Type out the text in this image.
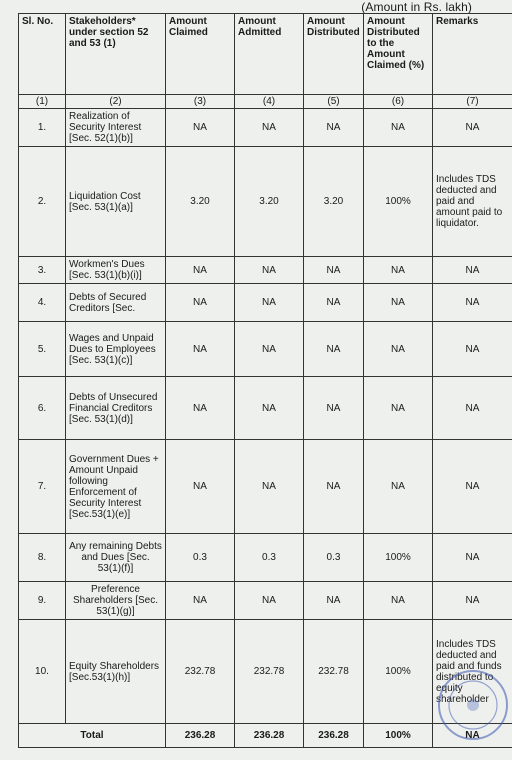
(Amount in Rs. lakh)
Sl. No.	Stakeholders* under section 52 and 53 (1)	Amount Claimed	Amount Admitted	Amount Distributed	Amount Distributed to the Amount Claimed (%)	Remarks
(1)	(2)	(3)	(4)	(5)	(6)	(7)
1.	Realization of Security Interest [Sec. 52(1)(b)]	NA	NA	NA	NA	NA
2.	Liquidation Cost [Sec. 53(1)(a)]	3.20	3.20	3.20	100%	Includes TDS deducted and paid and amount paid to liquidator.
3.	Workmen's Dues [Sec. 53(1)(b)(i)]	NA	NA	NA	NA	NA
4.	Debts of Secured Creditors [Sec.	NA	NA	NA	NA	NA
5.	Wages and Unpaid Dues to Employees [Sec. 53(1)(c)]	NA	NA	NA	NA	NA
6.	Debts of Unsecured Financial Creditors [Sec. 53(1)(d)]	NA	NA	NA	NA	NA
7.	Government Dues + Amount Unpaid following Enforcement of Security Interest [Sec.53(1)(e)]	NA	NA	NA	NA	NA
8.	Any remaining Debts and Dues [Sec. 53(1)(f)]	0.3	0.3	0.3	100%	NA
9.	Preference Shareholders [Sec. 53(1)(g)]	NA	NA	NA	NA	NA
10.	Equity Shareholders [Sec.53(1)(h)]	232.78	232.78	232.78	100%	Includes TDS deducted and paid and funds distributed to equity shareholder
Total		236.28	236.28	236.28	100%	NA
